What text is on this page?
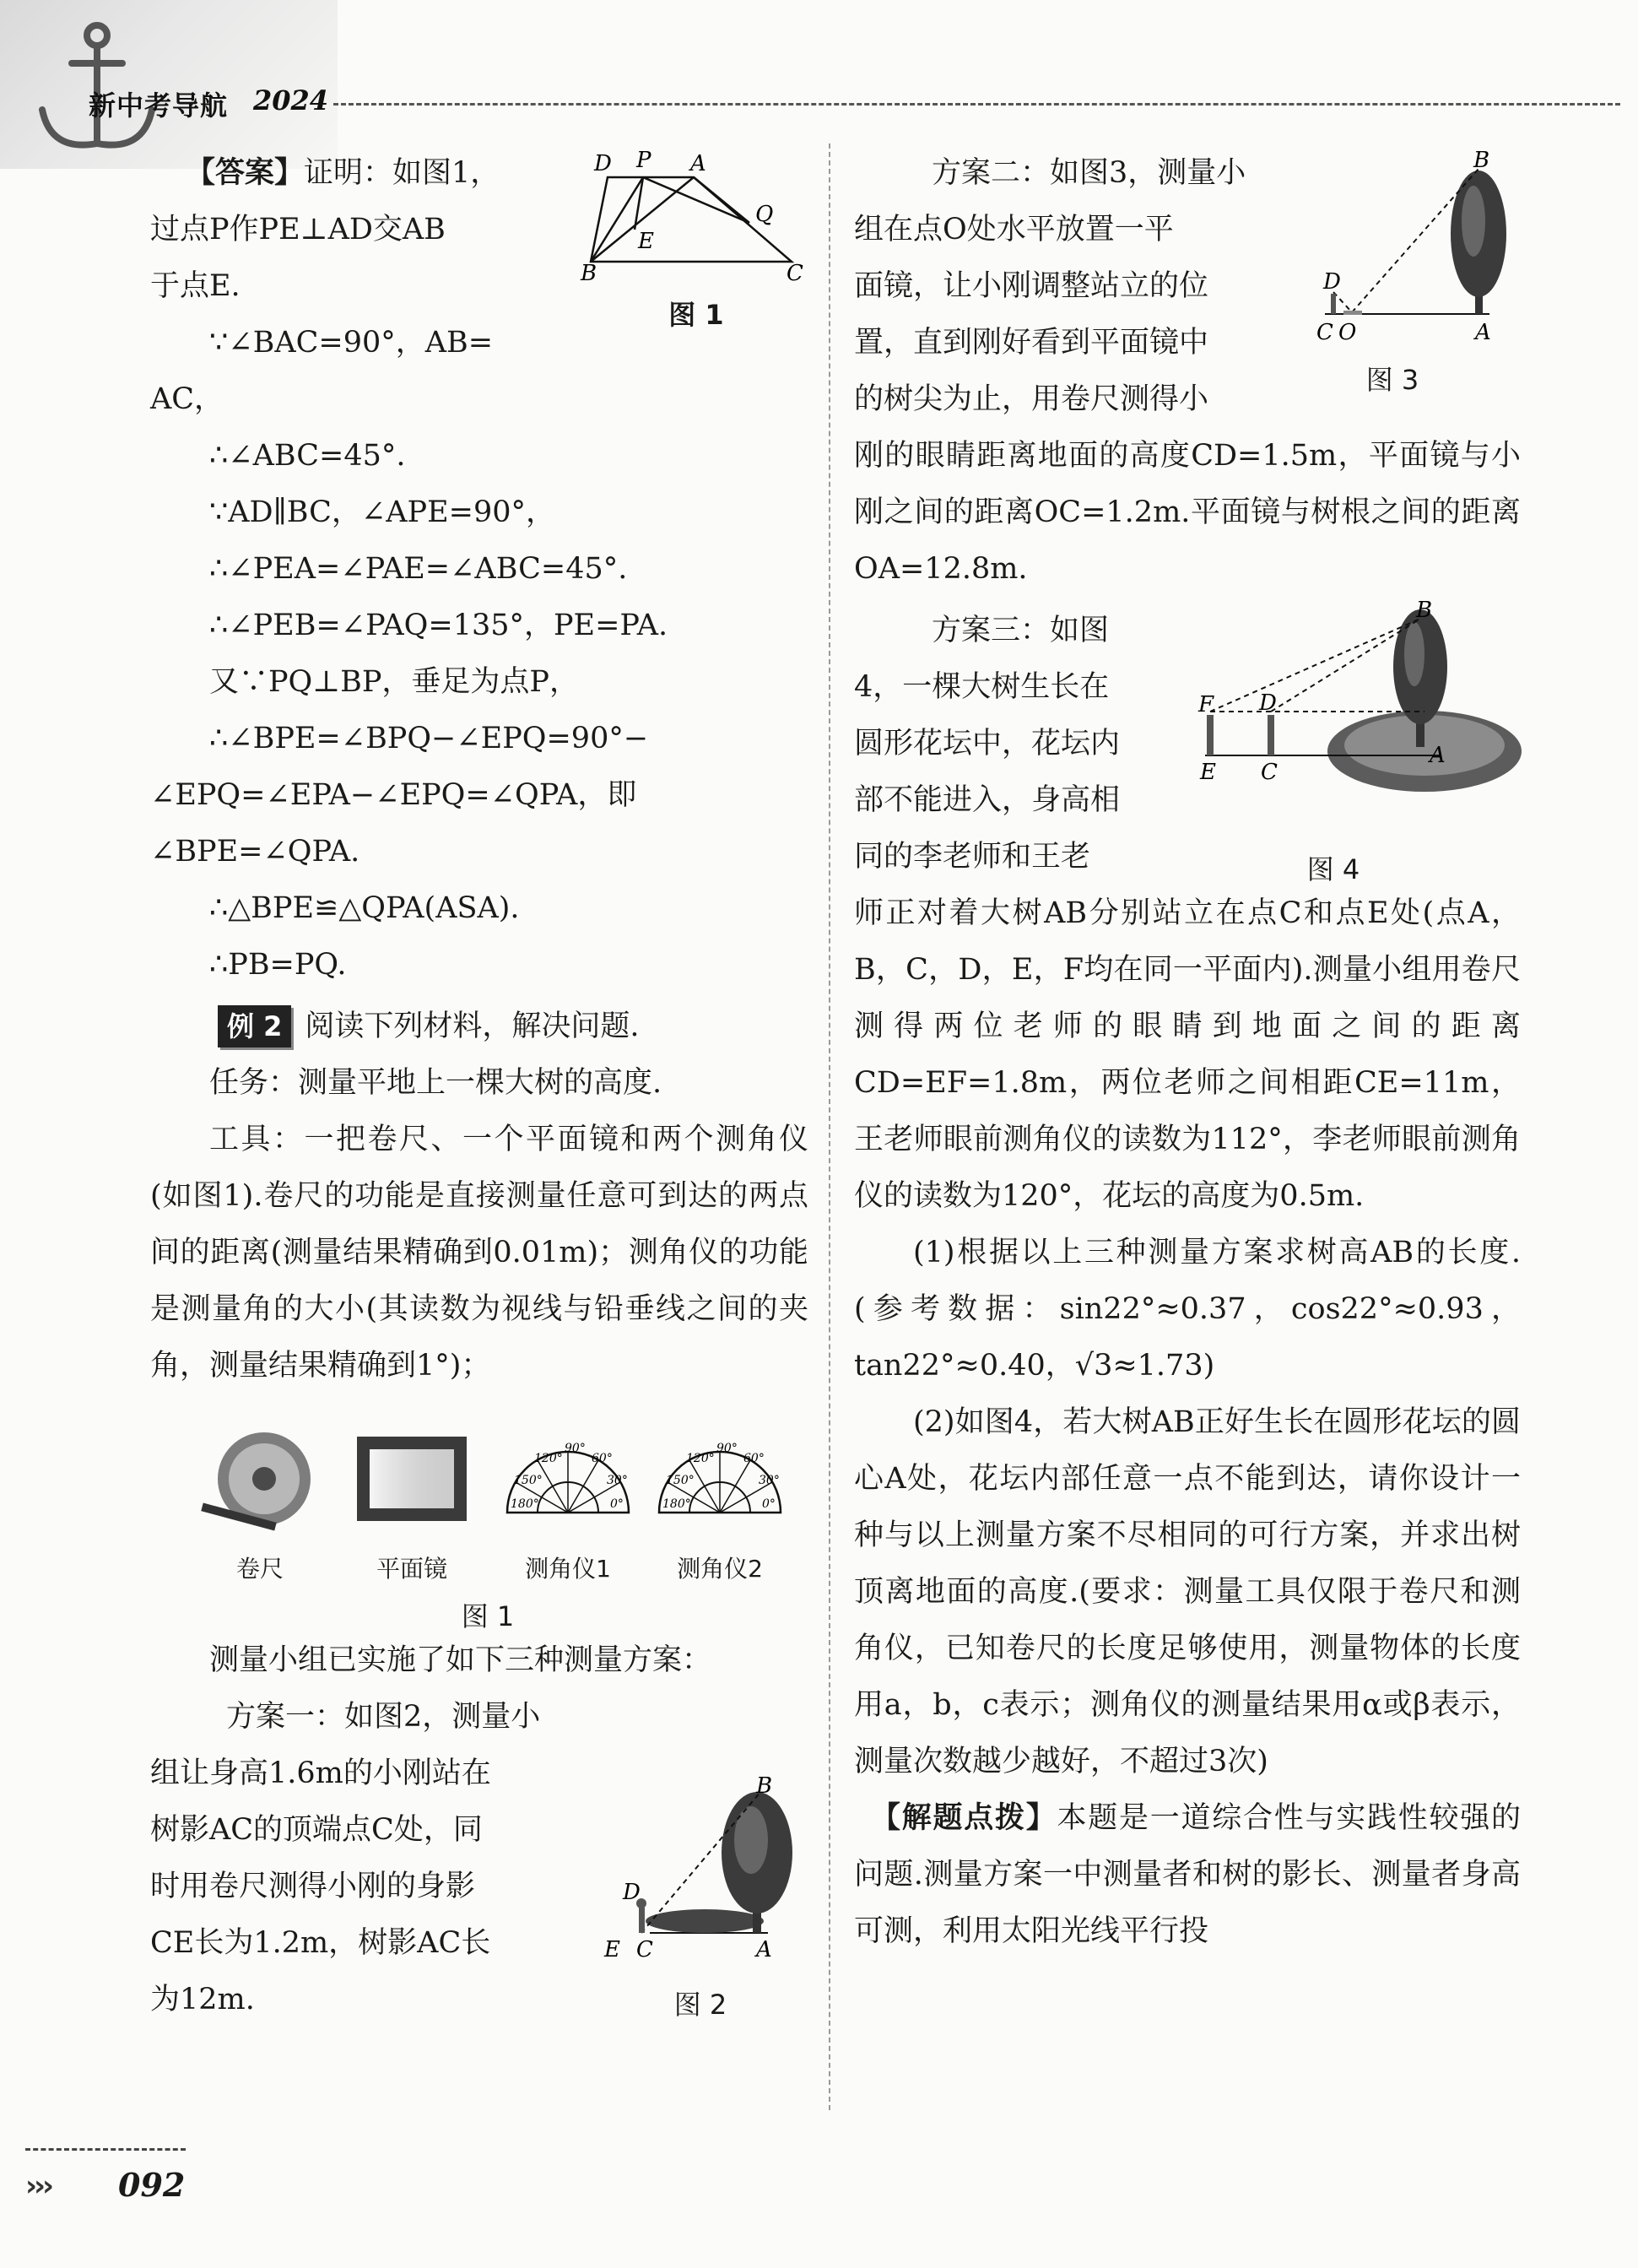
新中考导航 2024
D P A
Q
E
B	C
图 1

【答案】证明：如图1，

过点P作PE⊥AD交AB

于点E.

∵∠BAC=90°，AB=

AC，

∴∠ABC=45°.

∵AD∥BC，∠APE=90°，

∴∠PEA=∠PAE=∠ABC=45°.

∴∠PEB=∠PAQ=135°，PE=PA.

又∵PQ⊥BP，垂足为点P，

∴∠BPE=∠BPQ−∠EPQ=90°−

∠EPQ=∠EPA−∠EPQ=∠QPA，即

∠BPE=∠QPA.

∴△BPE≌△QPA(ASA).

∴PB=PQ.

例 2 阅读下列材料，解决问题.

任务：测量平地上一棵大树的高度.

工具：一把卷尺、一个平面镜和两个测角仪(如图1).卷尺的功能是直接测量任意可到达的两点间的距离(测量结果精确到0.01m)；测角仪的功能是测量角的大小(其读数为视线与铅垂线之间的夹角，测量结果精确到1°)；

180°
150°
120°
90°
60°
30°
0°	180°
150°
120°
90°
60°
30°
0°
卷尺	平面镜	测角仪1	测角仪2
图 1

测量小组已实施了如下三种测量方案：

方案一：如图2，测量小

组让身高1.6m的小刚站在

树影AC的顶端点C处，同

时用卷尺测得小刚的身影

CE长为1.2m，树影AC长

为12m.

B
D
E C	A
图 2

方案二：如图3，测量小

组在点O处水平放置一平

面镜，让小刚调整站立的位

置，直到刚好看到平面镜中

的树尖为止，用卷尺测得小

刚的眼睛距离地面的高度CD=1.5m，平面镜与小刚之间的距离OC=1.2m.平面镜与树根之间的距离OA=12.8m.

方案三：如图

4，一棵大树生长在

圆形花坛中，花坛内

部不能进入，身高相

同的李老师和王老

师正对着大树AB分别站立在点C和点E处(点A，B，C，D，E，F均在同一平面内).测量小组用卷尺测得两位老师的眼睛到地面之间的距离CD=EF=1.8m，两位老师之间相距CE=11m，王老师眼前测角仪的读数为112°，李老师眼前测角仪的读数为120°，花坛的高度为0.5m.

(1)根据以上三种测量方案求树高AB的长度.(参考数据：sin22°≈0.37，cos22°≈0.93，tan22°≈0.40，√3≈1.73)

(2)如图4，若大树AB正好生长在圆形花坛的圆心A处，花坛内部任意一点不能到达，请你设计一种与以上测量方案不尽相同的可行方案，并求出树顶离地面的高度.(要求：测量工具仅限于卷尺和测角仪，已知卷尺的长度足够使用，测量物体的长度用a，b，c表示；测角仪的测量结果用α或β表示，测量次数越少越好，不超过3次)

【解题点拨】本题是一道综合性与实践性较强的问题.测量方案一中测量者和树的影长、测量者身高可测，利用太阳光线平行投

B
D
C O	A
图 3
B
F D
E C
A
图 4
››› 092
